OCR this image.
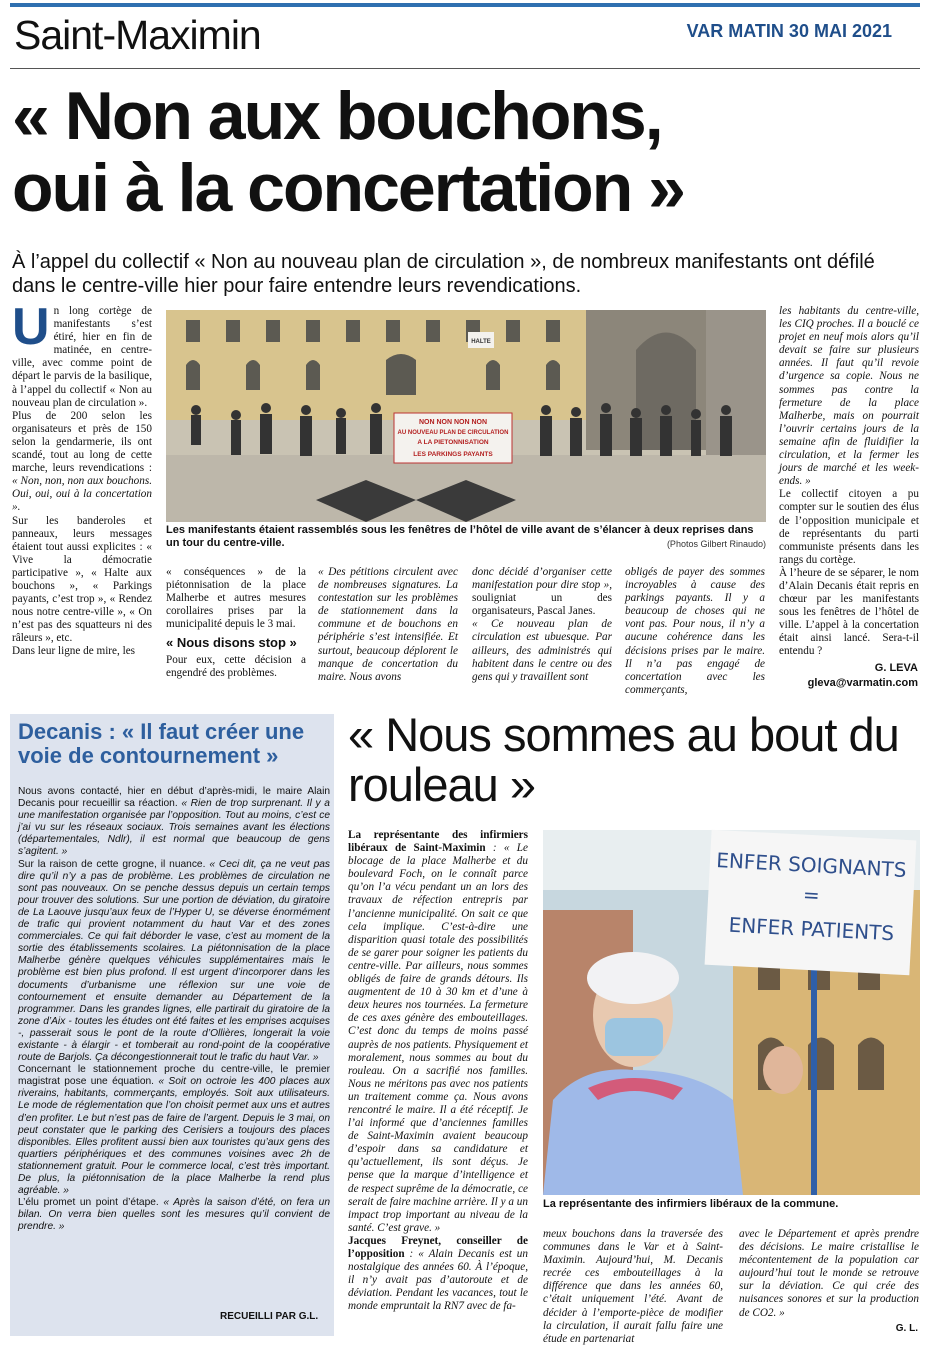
Saint-Maximin	VAR MATIN 30 MAI 2021
« Non aux bouchons,
oui à la concertation »
À l’appel du collectif « Non au nouveau plan de circulation », de nombreux manifestants ont défilé dans le centre-ville hier pour faire entendre leurs revendications.
U n long cortège de manifestants s’est étiré, hier en fin de matinée, en centre-ville, avec comme point de départ le parvis de la basilique, à l’appel du collectif « Non au nouveau plan de circulation ».

Plus de 200 selon les organisateurs et près de 150 selon la gendarmerie, ils ont scandé, tout au long de cette marche, leurs revendications : « Non, non, non aux bouchons. Oui, oui, oui à la concertation ».

Sur les banderoles et panneaux, leurs messages étaient tout aussi explicites : « Vive la démocratie participative », « Halte aux bouchons », « Parkings payants, c’est trop », « Rendez nous notre centre-ville », « On n’est pas des squatteurs ni des râleurs », etc.

Dans leur ligne de mire, les

NON NON NON NON
AU NOUVEAU PLAN DE CIRCULATION
A LA PIETONNISATION
LES PARKINGS PAYANTS
HALTE
Les manifestants étaient rassemblés sous les fenêtres de l’hôtel de ville avant de s’élancer à deux reprises dans un tour du centre-ville.	(Photos Gilbert Rinaudo)

« conséquences » de la piétonnisation de la place Malherbe et autres mesures corollaires prises par la municipalité depuis le 3 mai.

« Nous disons stop »

Pour eux, cette décision a engendré des problèmes.

« Des pétitions circulent avec de nombreuses signatures. La contestation sur les problèmes de stationnement dans la commune et de bouchons en périphérie s’est intensifiée. Et surtout, beaucoup déplorent le manque de concertation du maire. Nous avons

donc décidé d’organiser cette manifestation pour dire stop », souligniat un des organisateurs, Pascal Janes.

« Ce nouveau plan de circulation est ubuesque. Par ailleurs, des administrés qui habitent dans le centre ou des gens qui y travaillent sont

obligés de payer des sommes incroyables à cause des parkings payants. Il y a beaucoup de choses qui ne vont pas. Pour nous, il n’y a aucune cohérence dans les décisions prises par le maire. Il n’a pas engagé de concertation avec les commerçants,

les habitants du centre-ville, les CIQ proches. Il a bouclé ce projet en neuf mois alors qu’il devait se faire sur plusieurs années. Il faut qu’il revoie d’urgence sa copie. Nous ne sommes pas contre la fermeture de la place Malherbe, mais on pourrait l’ouvrir certains jours de la semaine afin de fluidifier la circulation, et la fermer les jours de marché et les week-ends. »

Le collectif citoyen a pu compter sur le soutien des élus de l’opposition municipale et de représentants du parti communiste présents dans les rangs du cortège.

À l’heure de se séparer, le nom d’Alain Decanis était repris en chœur par les manifestants sous les fenêtres de l’hôtel de ville. L’appel à la concertation était ainsi lancé. Sera-t-il entendu ?

G. LEVA
gleva@varmatin.com
Decanis : « Il faut créer une voie de contournement »

Nous avons contacté, hier en début d’après-midi, le maire Alain Decanis pour recueillir sa réaction. « Rien de trop surprenant. Il y a une manifestation organisée par l’opposition. Tout au moins, c’est ce j’ai vu sur les réseaux sociaux. Trois semaines avant les élections (départementales, Ndlr), il est normal que beaucoup de gens s’agitent. »

Sur la raison de cette grogne, il nuance. « Ceci dit, ça ne veut pas dire qu’il n’y a pas de problème. Les problèmes de circulation ne sont pas nouveaux. On se penche dessus depuis un certain temps pour trouver des solutions. Sur une portion de déviation, du giratoire de La Laouve jusqu’aux feux de l’Hyper U, se déverse énormément de trafic qui provient notamment du haut Var et des zones commerciales. Ce qui fait déborder le vase, c’est au moment de la sortie des établissements scolaires. La piétonnisation de la place Malherbe génère quelques véhicules supplémentaires mais le problème est bien plus profond. Il est urgent d’incorporer dans les documents d’urbanisme une réflexion sur une voie de contournement et ensuite demander au Département de la programmer. Dans les grandes lignes, elle partirait du giratoire de la zone d’Aix - toutes les études ont été faites et les emprises acquises -, passerait sous le pont de la route d’Ollières, longerait la voie existante - à élargir - et tomberait au rond-point de la coopérative route de Barjols. Ça décongestionnerait tout le trafic du haut Var. »

Concernant le stationnement proche du centre-ville, le premier magistrat pose une équation. « Soit on octroie les 400 places aux riverains, habitants, commerçants, employés. Soit aux utilisateurs. Le mode de réglementation que l’on choisit permet aux uns et autres d’en profiter. Le but n’est pas de faire de l’argent. Depuis le 3 mai, on peut constater que le parking des Cerisiers a toujours des places disponibles. Elles profitent aussi bien aux touristes qu’aux gens des quartiers périphériques et des communes voisines avec 2h de stationnement gratuit. Pour le commerce local, c’est très important. De plus, la piétonnisation de la place Malherbe la rend plus agréable. »

L’élu promet un point d’étape. « Après la saison d’été, on fera un bilan. On verra bien quelles sont les mesures qu’il convient de prendre. »

RECUEILLI PAR G.L.
« Nous sommes au bout du rouleau »

La représentante des infirmiers libéraux de Saint-Maximin : « Le blocage de la place Malherbe et du boulevard Foch, on le connaît parce qu’on l’a vécu pendant un an lors des travaux de réfection entrepris par l’ancienne municipalité. On sait ce que cela implique. C’est-à-dire une disparition quasi totale des possibilités de se garer pour soigner les patients du centre-ville. Par ailleurs, nous sommes obligés de faire de grands détours. Ils augmentent de 10 à 30 km et d’une à deux heures nos tournées. La fermeture de ces axes génère des embouteillages. C’est donc du temps de moins passé auprès de nos patients. Physiquement et moralement, nous sommes au bout du rouleau. On a sacrifié nos familles. Nous ne méritons pas avec nos patients un traitement comme ça. Nous avons rencontré le maire. Il a été réceptif. Je l’ai informé que d’anciennes familles de Saint-Maximin avaient beaucoup d’espoir dans sa candidature et qu’actuellement, ils sont déçus. Je pense que la marque d’intelligence et de respect suprême de la démocratie, ce serait de faire machine arrière. Il y a un impact trop important au niveau de la santé. C’est grave. »

Jacques Freynet, conseiller de l’opposition : « Alain Decanis est un nostalgique des années 60. À l’époque, il n’y avait pas d’autoroute et de déviation. Pendant les vacances, tout le monde empruntait la RN7 avec de fa-

ENFER SOIGNANTS
=
ENFER PATIENTS
La représentante des infirmiers libéraux de la commune.

meux bouchons dans la traversée des communes dans le Var et à Saint-Maximin. Aujourd’hui, M. Decanis recrée ces embouteillages à la différence que dans les années 60, c’était uniquement l’été. Avant de décider à l’emporte-pièce de modifier la circulation, il aurait fallu faire une étude en partenariat

avec le Département et après prendre des décisions. Le maire cristallise le mécontentement de la population car aujourd’hui tout le monde se retrouve sur la déviation. Ce qui crée des nuisances sonores et sur la production de CO2. »

G. L.
